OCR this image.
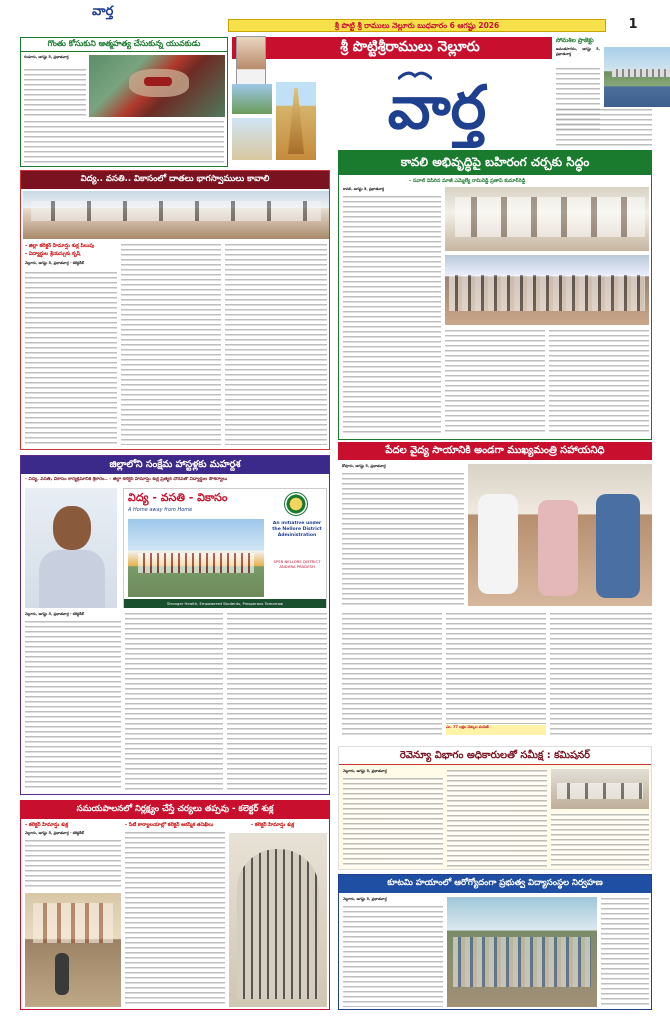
వార్త
శ్రీ పొట్టి శ్రీ రాములు నెల్లూరు బుధవారం 6 ఆగష్టు 2026	1
గొంతు కోసుకుని ఆత్మహత్య చేసుకున్న యువకుడు
గుడూరు, ఆగష్టు 5, ప్రభాతవార్త
శ్రీ పొట్టిశ్రీరాములు నెల్లూరు
వార్త
సోమశిల ప్రాజెక్టు
అనంతసాగరం, ఆగష్టు 5, ప్రభాతవార్త
విద్య.. వసతి.. వికాసంలో దాతలు భాగస్వాములు కావాలి
- జిల్లా కలెక్టర్ హిమాన్షు శుక్ల పిలుపు
- విద్యార్థుల శ్రేయస్సుకు కృషి
నెల్లూరు, ఆగష్టు 5, ప్రభాతవార్త - కలెక్టరేట్
కావలి అభివృద్ధిపై బహిరంగ చర్చకు సిద్ధం
- సవాల్ విసిరిన మాజీ ఎమ్మెల్యే రామిరెడ్డి ప్రతాప్ కుమార్‌రెడ్డి
కావలి, ఆగష్టు 5, ప్రభాతవార్త
జిల్లాలోని సంక్షేమ హాస్టళ్లకు మహర్దశ
- విద్య, వసతి, వికాసం కార్యక్రమానికి శ్రీకారం.. - జిల్లా కలెక్టర్ హిమాన్షు శుక్ల ప్రత్యేక చొరవతో విద్యార్థుల సౌకర్యాలు
విద్య - వసతి - వికాసం
A Home away from Home
An initiative under the Nellore District Administration
SPSR NELLORE DISTRICT ANDHRA PRADESH
Stronger Health, Empowered Students, Prosperous Tomorrow
నెల్లూరు, ఆగష్టు 5, ప్రభాతవార్త - కలెక్టరేట్
పేదల వైద్య సాయానికి అండగా ముఖ్యమంత్రి సహాయనిధి
కోవూరు, ఆగష్టు 5, ప్రభాతవార్త
ఎం. 77 లక్షల చెక్కుల పంపిణీ
రెవెన్యూ విభాగం అధికారులతో సమీక్ష : కమిషనర్
నెల్లూరు, ఆగష్టు 5, ప్రభాతవార్త
సమయపాలనలో నిర్లక్ష్యం చేస్తే చర్యలు తప్పవు - కలెక్టర్ శుక్ల
- కలెక్టర్ హిమాన్షు శుక్ల	- సిటీ కార్యాలయాల్లో కలెక్టర్ ఆకస్మిక తనిఖీలు	- కలెక్టర్ హిమాన్షు శుక్ల
నెల్లూరు, ఆగష్టు 5, ప్రభాతవార్త - కలెక్టరేట్
కూటమి హయాంలో ఆరోగ్యోదంగా ప్రభుత్వ విద్యాసంస్థల నిర్వహణ
నెల్లూరు, ఆగష్టు 5, ప్రభాతవార్త
